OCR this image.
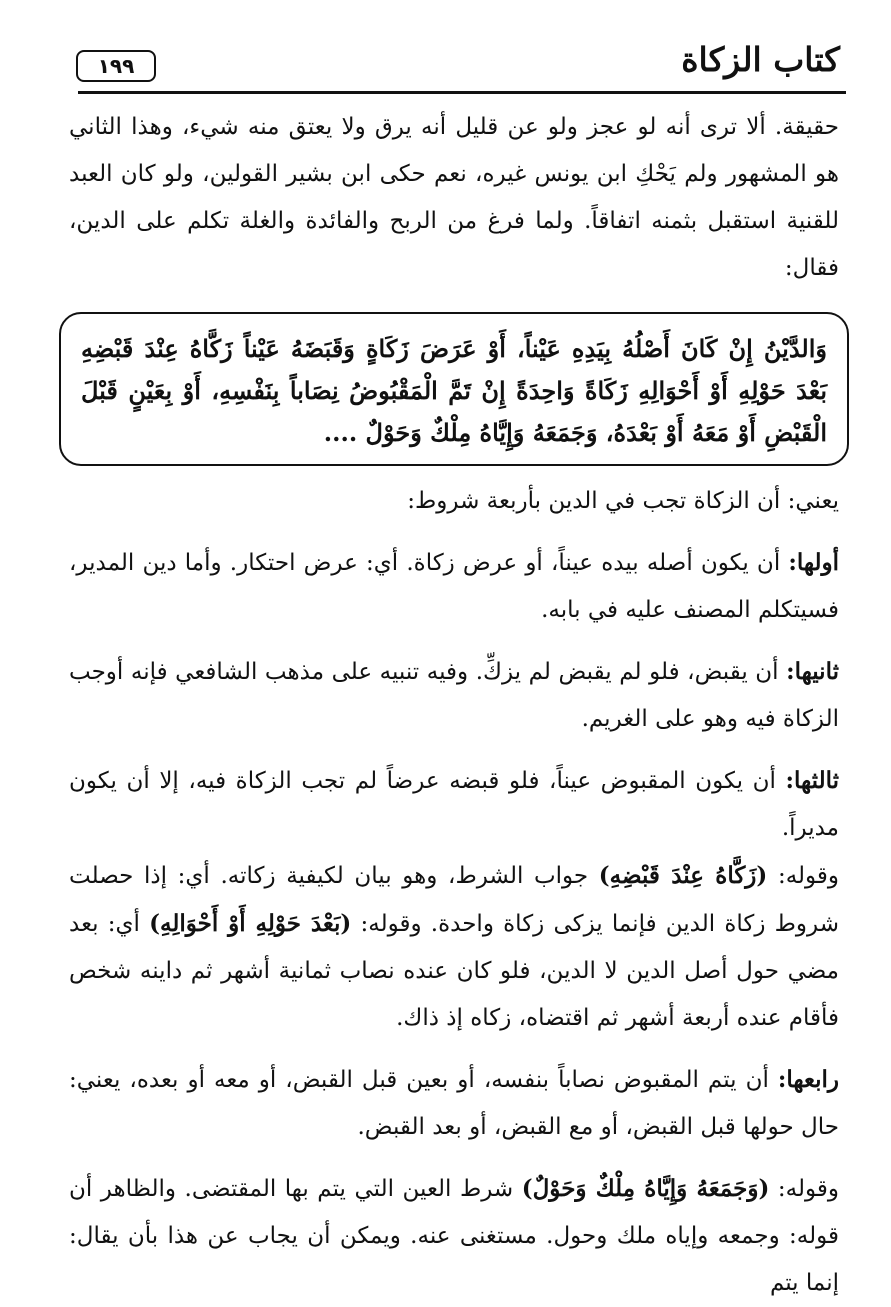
كتاب الزكاة
١٩٩

حقيقة. ألا ترى أنه لو عجز ولو عن قليل أنه يرق ولا يعتق منه شيء، وهذا الثاني هو المشهور ولم يَحْكِ ابن يونس غيره، نعم حكى ابن بشير القولين، ولو كان العبد للقنية استقبل بثمنه اتفاقاً. ولما فرغ من الربح والفائدة والغلة تكلم على الدين، فقال:

وَالدَّيْنُ إِنْ كَانَ أَصْلُهُ بِيَدِهِ عَيْناً، أَوْ عَرَضَ زَكَاةٍ وَقَبَضَهُ عَيْناً زَكَّاهُ عِنْدَ قَبْضِهِ بَعْدَ حَوْلِهِ أَوْ أَحْوَالِهِ زَكَاةً وَاحِدَةً إِنْ تَمَّ الْمَقْبُوضُ نِصَاباً بِنَفْسِهِ، أَوْ بِعَيْنٍ قَبْلَ الْقَبْضِ أَوْ مَعَهُ أَوْ بَعْدَهُ، وَجَمَعَهُ وَإِيَّاهُ مِلْكٌ وَحَوْلٌ ....

يعني: أن الزكاة تجب في الدين بأربعة شروط:

أولها: أن يكون أصله بيده عيناً، أو عرض زكاة. أي: عرض احتكار. وأما دين المدير، فسيتكلم المصنف عليه في بابه.

ثانيها: أن يقبض، فلو لم يقبض لم يزكِّ. وفيه تنبيه على مذهب الشافعي فإنه أوجب الزكاة فيه وهو على الغريم.

ثالثها: أن يكون المقبوض عيناً، فلو قبضه عرضاً لم تجب الزكاة فيه، إلا أن يكون مديراً.

وقوله: (زَكَّاهُ عِنْدَ قَبْضِهِ) جواب الشرط، وهو بيان لكيفية زكاته. أي: إذا حصلت شروط زكاة الدين فإنما يزكى زكاة واحدة. وقوله: (بَعْدَ حَوْلِهِ أَوْ أَحْوَالِهِ) أي: بعد مضي حول أصل الدين لا الدين، فلو كان عنده نصاب ثمانية أشهر ثم داينه شخص فأقام عنده أربعة أشهر ثم اقتضاه، زكاه إذ ذاك.

رابعها: أن يتم المقبوض نصاباً بنفسه، أو بعين قبل القبض، أو معه أو بعده، يعني: حال حولها قبل القبض، أو مع القبض، أو بعد القبض.

وقوله: (وَجَمَعَهُ وَإِيَّاهُ مِلْكٌ وَحَوْلٌ) شرط العين التي يتم بها المقتضى. والظاهر أن قوله: وجمعه وإياه ملك وحول. مستغنى عنه. ويمكن أن يجاب عن هذا بأن يقال: إنما يتم
